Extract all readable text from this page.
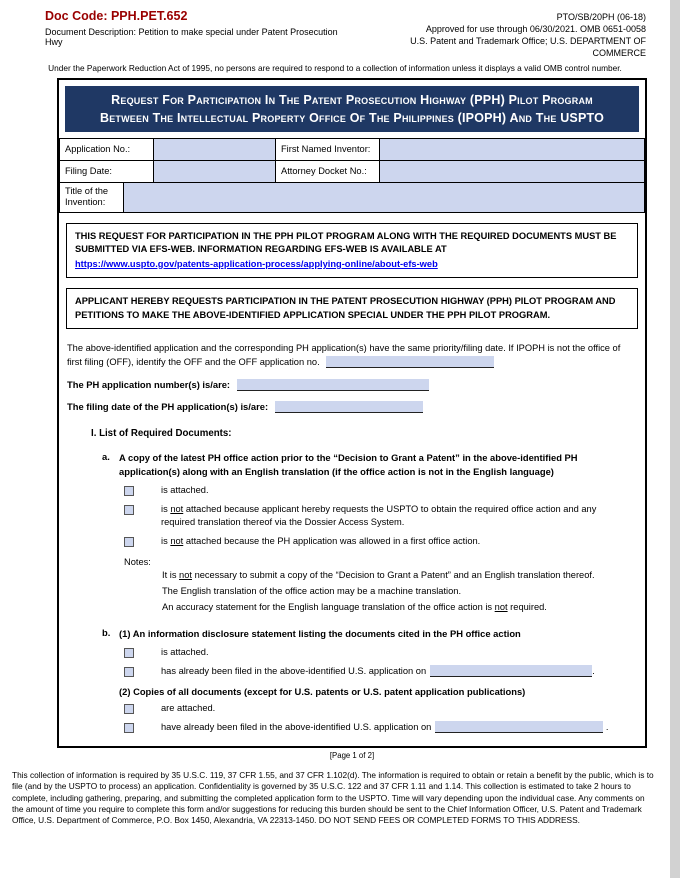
Doc Code: PPH.PET.652
Document Description: Petition to make special under Patent Prosecution Hwy
PTO/SB/20PH (06-18)
Approved for use through 06/30/2021. OMB 0651-0058
U.S. Patent and Trademark Office; U.S. DEPARTMENT OF COMMERCE
Under the Paperwork Reduction Act of 1995, no persons are required to respond to a collection of information unless it displays a valid OMB control number.
Request For Participation In The Patent Prosecution Highway (PPH) Pilot Program
Between The Intellectual Property Office Of The Philippines (IPOPH) And The USPTO
Application No.:		First Named Inventor:	
Filing Date:		Attorney Docket No.:	
Title of the Invention:	
THIS REQUEST FOR PARTICIPATION IN THE PPH PILOT PROGRAM ALONG WITH THE REQUIRED DOCUMENTS MUST BE SUBMITTED VIA EFS-WEB. INFORMATION REGARDING EFS-WEB IS AVAILABLE AT
https://www.uspto.gov/patents-application-process/applying-online/about-efs-web
APPLICANT HEREBY REQUESTS PARTICIPATION IN THE PATENT PROSECUTION HIGHWAY (PPH) PILOT PROGRAM AND PETITIONS TO MAKE THE ABOVE-IDENTIFIED APPLICATION SPECIAL UNDER THE PPH PILOT PROGRAM.
The above-identified application and the corresponding PH application(s) have the same priority/filing date. If IPOPH is not the office of first filing (OFF), identify the OFF and the OFF application no.
The PH application number(s) is/are:
The filing date of the PH application(s) is/are:
I. List of Required Documents:
a. A copy of the latest PH office action prior to the “Decision to Grant a Patent” in the above-identified PH application(s) along with an English translation (if the office action is not in the English language)
is attached.
is not attached because applicant hereby requests the USPTO to obtain the required office action and any required translation thereof via the Dossier Access System.
is not attached because the PH application was allowed in a first office action.
Notes:
It is not necessary to submit a copy of the “Decision to Grant a Patent” and an English translation thereof.
The English translation of the office action may be a machine translation.
An accuracy statement for the English language translation of the office action is not required.
b. (1) An information disclosure statement listing the documents cited in the PH office action
is attached.
has already been filed in the above-identified U.S. application on	.
(2) Copies of all documents (except for U.S. patents or U.S. patent application publications)
are attached.
have already been filed in the above-identified U.S. application on	.
[Page 1 of 2]
This collection of information is required by 35 U.S.C. 119, 37 CFR 1.55, and 37 CFR 1.102(d). The information is required to obtain or retain a benefit by the public, which is to file (and by the USPTO to process) an application. Confidentiality is governed by 35 U.S.C. 122 and 37 CFR 1.11 and 1.14. This collection is estimated to take 2 hours to complete, including gathering, preparing, and submitting the completed application form to the USPTO. Time will vary depending upon the individual case. Any comments on the amount of time you require to complete this form and/or suggestions for reducing this burden should be sent to the Chief Information Officer, U.S. Patent and Trademark Office, U.S. Department of Commerce, P.O. Box 1450, Alexandria, VA 22313-1450. DO NOT SEND FEES OR COMPLETED FORMS TO THIS ADDRESS.
